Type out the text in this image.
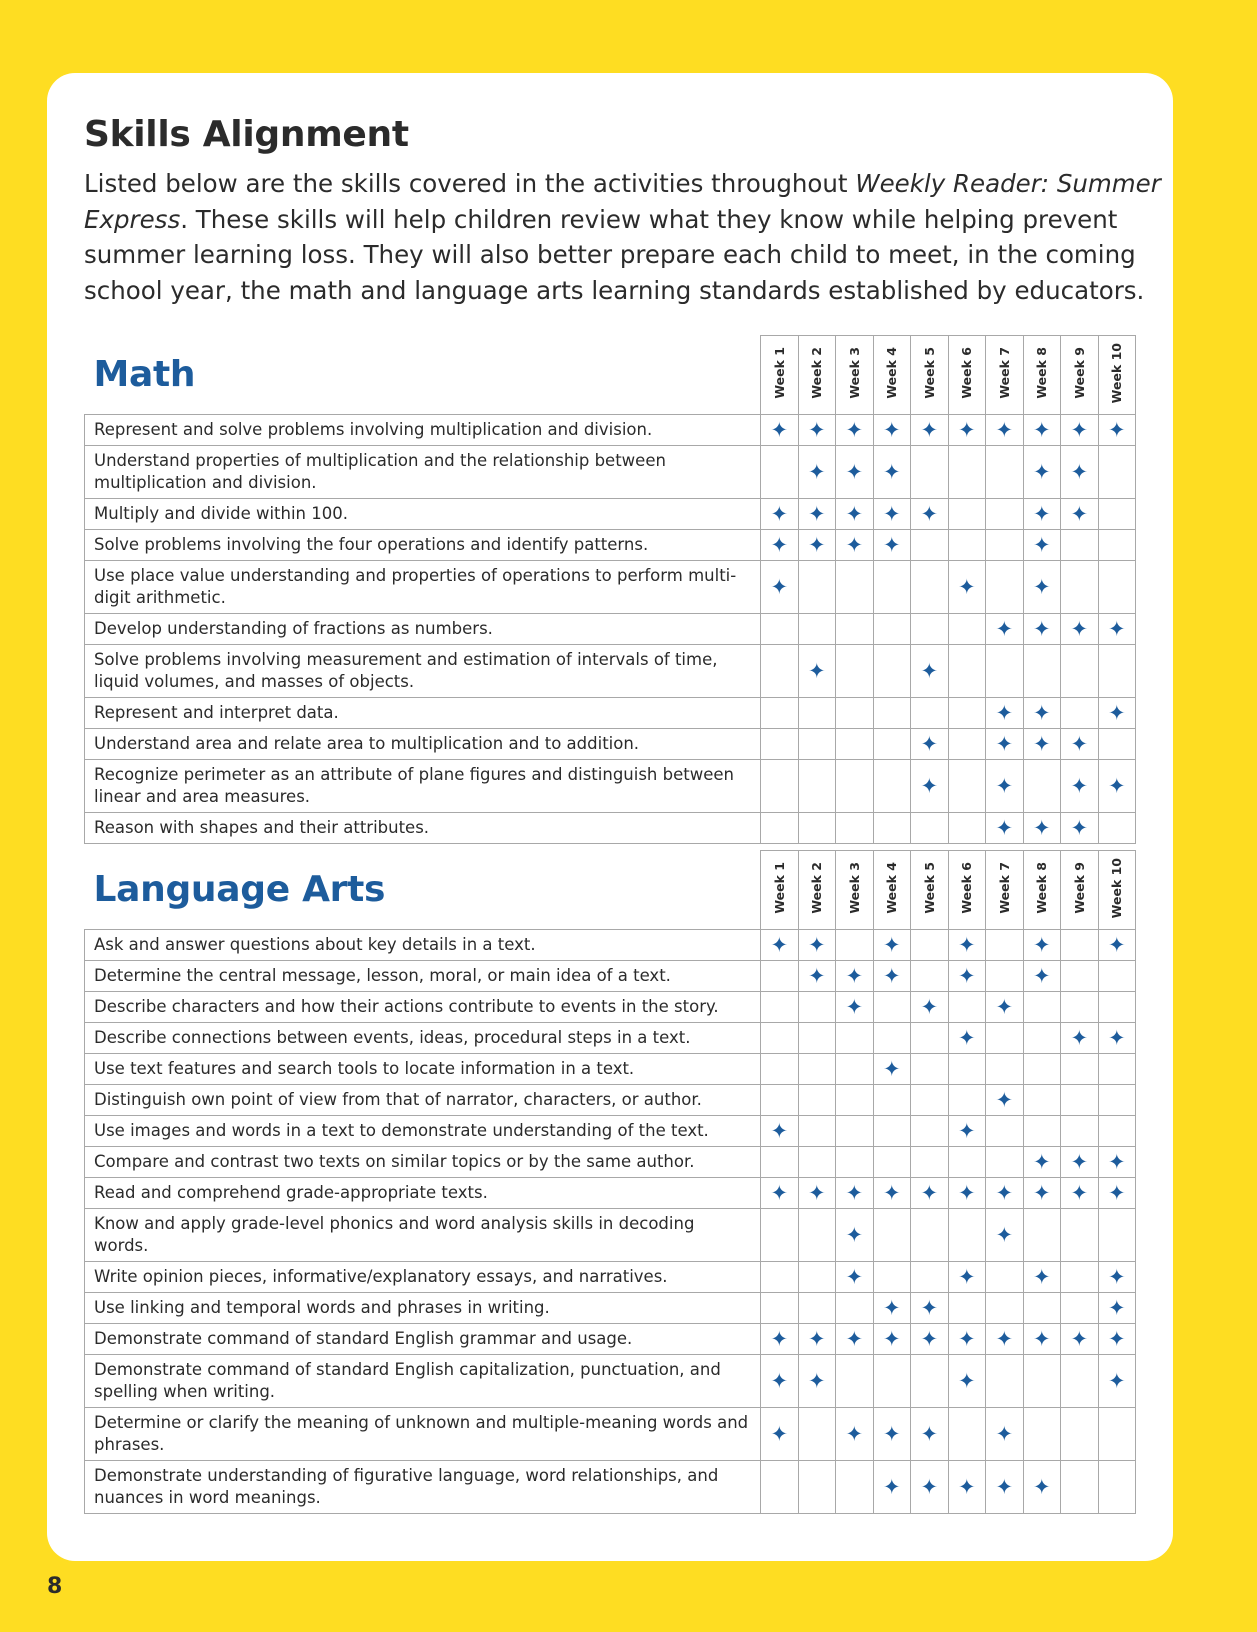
Skills Alignment

Listed below are the skills covered in the activities throughout Weekly Reader: Summer Express. These skills will help children review what they know while helping prevent summer learning loss. They will also better prepare each child to meet, in the coming school year, the math and language arts learning standards established by educators.

Math	Week 1	Week 2	Week 3	Week 4	Week 5	Week 6	Week 7	Week 8	Week 9	Week 10
Represent and solve problems involving multiplication and division.	✦	✦	✦	✦	✦	✦	✦	✦	✦	✦
Understand properties of multiplication and the relationship between multiplication and division.		✦	✦	✦				✦	✦	
Multiply and divide within 100.	✦	✦	✦	✦	✦			✦	✦	
Solve problems involving the four operations and identify patterns.	✦	✦	✦	✦				✦		
Use place value understanding and properties of operations to perform multi-digit arithmetic.	✦					✦		✦		
Develop understanding of fractions as numbers.							✦	✦	✦	✦
Solve problems involving measurement and estimation of intervals of time, liquid volumes, and masses of objects.		✦			✦					
Represent and interpret data.							✦	✦		✦
Understand area and relate area to multiplication and to addition.					✦		✦	✦	✦	
Recognize perimeter as an attribute of plane figures and distinguish between linear and area measures.					✦		✦		✦	✦
Reason with shapes and their attributes.							✦	✦	✦	
Language Arts	Week 1	Week 2	Week 3	Week 4	Week 5	Week 6	Week 7	Week 8	Week 9	Week 10
Ask and answer questions about key details in a text.	✦	✦		✦		✦		✦		✦
Determine the central message, lesson, moral, or main idea of a text.		✦	✦	✦		✦		✦		
Describe characters and how their actions contribute to events in the story.			✦		✦		✦			
Describe connections between events, ideas, procedural steps in a text.						✦			✦	✦
Use text features and search tools to locate information in a text.				✦						
Distinguish own point of view from that of narrator, characters, or author.							✦			
Use images and words in a text to demonstrate understanding of the text.	✦					✦				
Compare and contrast two texts on similar topics or by the same author.								✦	✦	✦
Read and comprehend grade-appropriate texts.	✦	✦	✦	✦	✦	✦	✦	✦	✦	✦
Know and apply grade-level phonics and word analysis skills in decoding words.			✦				✦			
Write opinion pieces, informative/explanatory essays, and narratives.			✦			✦		✦		✦
Use linking and temporal words and phrases in writing.				✦	✦					✦
Demonstrate command of standard English grammar and usage.	✦	✦	✦	✦	✦	✦	✦	✦	✦	✦
Demonstrate command of standard English capitalization, punctuation, and spelling when writing.	✦	✦				✦				✦
Determine or clarify the meaning of unknown and multiple-meaning words and phrases.	✦		✦	✦	✦		✦			
Demonstrate understanding of figurative language, word relationships, and nuances in word meanings.				✦	✦	✦	✦	✦		
8
